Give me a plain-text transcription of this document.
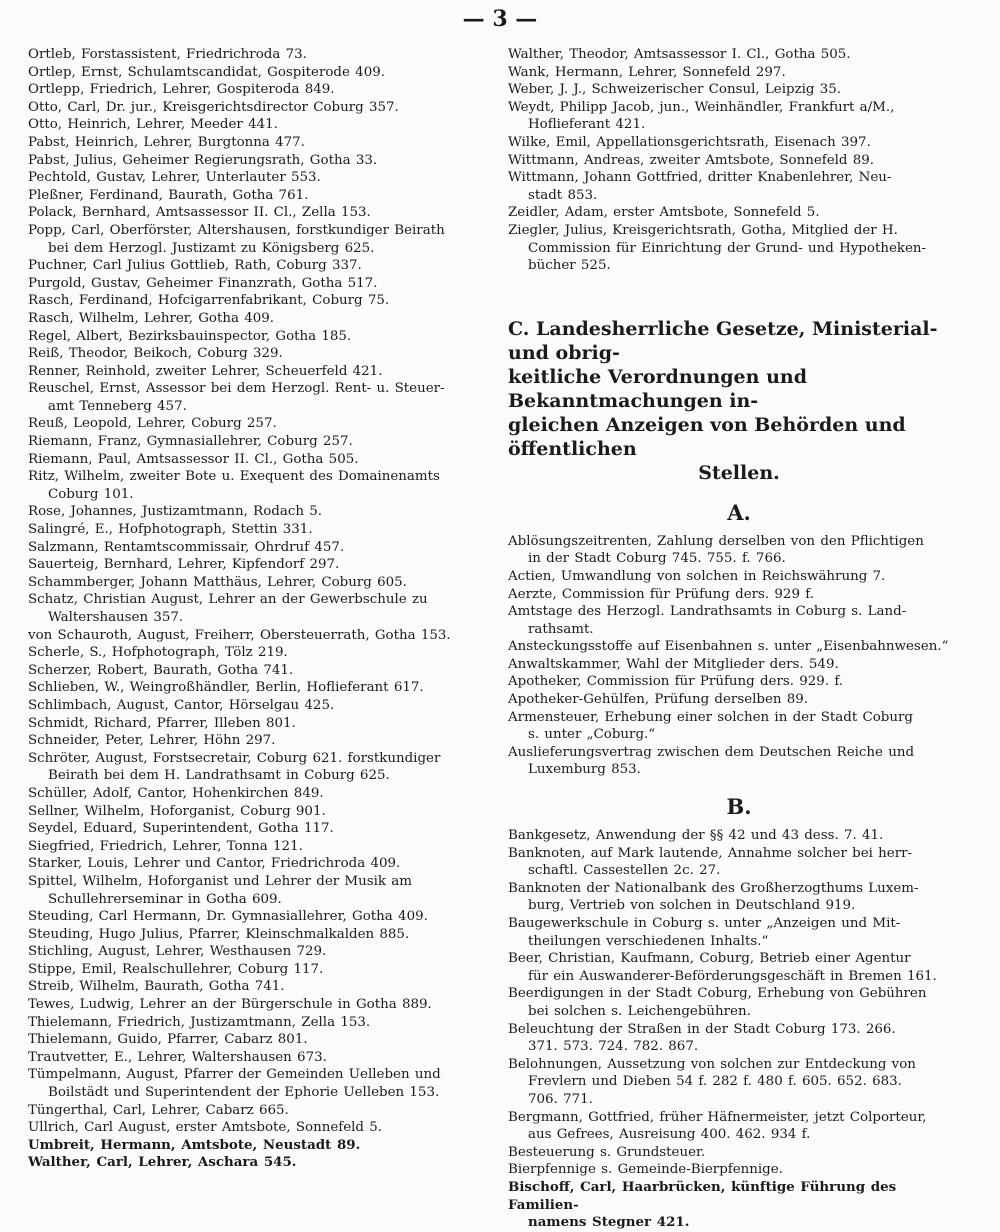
— 3 —
Ortleb, Forstassistent, Friedrichroda 73.
Ortlep, Ernst, Schulamtscandidat, Gospiterode 409.
Ortlepp, Friedrich, Lehrer, Gospiteroda 849.
Otto, Carl, Dr. jur., Kreisgerichtsdirector Coburg 357.
Otto, Heinrich, Lehrer, Meeder 441.
Pabst, Heinrich, Lehrer, Burgtonna 477.
Pabst, Julius, Geheimer Regierungsrath, Gotha 33.
Pechtold, Gustav, Lehrer, Unterlauter 553.
Pleßner, Ferdinand, Baurath, Gotha 761.
Polack, Bernhard, Amtsassessor II. Cl., Zella 153.
Popp, Carl, Oberförster, Altershausen, forstkundiger Beirath
bei dem Herzogl. Justizamt zu Königsberg 625.
Puchner, Carl Julius Gottlieb, Rath, Coburg 337.
Purgold, Gustav, Geheimer Finanzrath, Gotha 517.
Rasch, Ferdinand, Hofcigarrenfabrikant, Coburg 75.
Rasch, Wilhelm, Lehrer, Gotha 409.
Regel, Albert, Bezirksbauinspector, Gotha 185.
Reiß, Theodor, Beikoch, Coburg 329.
Renner, Reinhold, zweiter Lehrer, Scheuerfeld 421.
Reuschel, Ernst, Assessor bei dem Herzogl. Rent- u. Steuer-
amt Tenneberg 457.
Reuß, Leopold, Lehrer, Coburg 257.
Riemann, Franz, Gymnasiallehrer, Coburg 257.
Riemann, Paul, Amtsassessor II. Cl., Gotha 505.
Ritz, Wilhelm, zweiter Bote u. Exequent des Domainenamts
Coburg 101.
Rose, Johannes, Justizamtmann, Rodach 5.
Salingré, E., Hofphotograph, Stettin 331.
Salzmann, Rentamtscommissair, Ohrdruf 457.
Sauerteig, Bernhard, Lehrer, Kipfendorf 297.
Schammberger, Johann Matthäus, Lehrer, Coburg 605.
Schatz, Christian August, Lehrer an der Gewerbschule zu
Waltershausen 357.
von Schauroth, August, Freiherr, Obersteuerrath, Gotha 153.
Scherle, S., Hofphotograph, Tölz 219.
Scherzer, Robert, Baurath, Gotha 741.
Schlieben, W., Weingroßhändler, Berlin, Hoflieferant 617.
Schlimbach, August, Cantor, Hörselgau 425.
Schmidt, Richard, Pfarrer, Illeben 801.
Schneider, Peter, Lehrer, Höhn 297.
Schröter, August, Forstsecretair, Coburg 621. forstkundiger
Beirath bei dem H. Landrathsamt in Coburg 625.
Schüller, Adolf, Cantor, Hohenkirchen 849.
Sellner, Wilhelm, Hoforganist, Coburg 901.
Seydel, Eduard, Superintendent, Gotha 117.
Siegfried, Friedrich, Lehrer, Tonna 121.
Starker, Louis, Lehrer und Cantor, Friedrichroda 409.
Spittel, Wilhelm, Hoforganist und Lehrer der Musik am
Schullehrerseminar in Gotha 609.
Steuding, Carl Hermann, Dr. Gymnasiallehrer, Gotha 409.
Steuding, Hugo Julius, Pfarrer, Kleinschmalkalden 885.
Stichling, August, Lehrer, Westhausen 729.
Stippe, Emil, Realschullehrer, Coburg 117.
Streib, Wilhelm, Baurath, Gotha 741.
Tewes, Ludwig, Lehrer an der Bürgerschule in Gotha 889.
Thielemann, Friedrich, Justizamtmann, Zella 153.
Thielemann, Guido, Pfarrer, Cabarz 801.
Trautvetter, E., Lehrer, Waltershausen 673.
Tümpelmann, August, Pfarrer der Gemeinden Uelleben und
Boilstädt und Superintendent der Ephorie Uelleben 153.
Tüngerthal, Carl, Lehrer, Cabarz 665.
Ullrich, Carl August, erster Amtsbote, Sonnefeld 5.
Umbreit, Hermann, Amtsbote, Neustadt 89.
Walther, Carl, Lehrer, Aschara 545.
Walther, Theodor, Amtsassessor I. Cl., Gotha 505.
Wank, Hermann, Lehrer, Sonnefeld 297.
Weber, J. J., Schweizerischer Consul, Leipzig 35.
Weydt, Philipp Jacob, jun., Weinhändler, Frankfurt a/M.,
Hoflieferant 421.
Wilke, Emil, Appellationsgerichtsrath, Eisenach 397.
Wittmann, Andreas, zweiter Amtsbote, Sonnefeld 89.
Wittmann, Johann Gottfried, dritter Knabenlehrer, Neu-
stadt 853.
Zeidler, Adam, erster Amtsbote, Sonnefeld 5.
Ziegler, Julius, Kreisgerichtsrath, Gotha, Mitglied der H.
Commission für Einrichtung der Grund- und Hypotheken-
bücher 525.
C. Landesherrliche Gesetze, Ministerial- und obrig-
keitliche Verordnungen und Bekanntmachungen in-
gleichen Anzeigen von Behörden und öffentlichen
Stellen.
A.
Ablösungszeitrenten, Zahlung derselben von den Pflichtigen
in der Stadt Coburg 745. 755. f. 766.
Actien, Umwandlung von solchen in Reichswährung 7.
Aerzte, Commission für Prüfung ders. 929 f.
Amtstage des Herzogl. Landrathsamts in Coburg s. Land-
rathsamt.
Ansteckungsstoffe auf Eisenbahnen s. unter „Eisenbahnwesen.“
Anwaltskammer, Wahl der Mitglieder ders. 549.
Apotheker, Commission für Prüfung ders. 929. f.
Apotheker-Gehülfen, Prüfung derselben 89.
Armensteuer, Erhebung einer solchen in der Stadt Coburg
s. unter „Coburg.“
Auslieferungsvertrag zwischen dem Deutschen Reiche und
Luxemburg 853.
B.
Bankgesetz, Anwendung der §§ 42 und 43 dess. 7. 41.
Banknoten, auf Mark lautende, Annahme solcher bei herr-
schaftl. Cassestellen 2c. 27.
Banknoten der Nationalbank des Großherzogthums Luxem-
burg, Vertrieb von solchen in Deutschland 919.
Baugewerkschule in Coburg s. unter „Anzeigen und Mit-
theilungen verschiedenen Inhalts.“
Beer, Christian, Kaufmann, Coburg, Betrieb einer Agentur
für ein Auswanderer-Beförderungsgeschäft in Bremen 161.
Beerdigungen in der Stadt Coburg, Erhebung von Gebühren
bei solchen s. Leichengebühren.
Beleuchtung der Straßen in der Stadt Coburg 173. 266.
371. 573. 724. 782. 867.
Belohnungen, Aussetzung von solchen zur Entdeckung von
Frevlern und Dieben 54 f. 282 f. 480 f. 605. 652. 683.
706. 771.
Bergmann, Gottfried, früher Häfnermeister, jetzt Colporteur,
aus Gefrees, Ausreisung 400. 462. 934 f.
Besteuerung s. Grundsteuer.
Bierpfennige s. Gemeinde-Bierpfennige.
Bischoff, Carl, Haarbrücken, künftige Führung des Familien-
namens Stegner 421.
